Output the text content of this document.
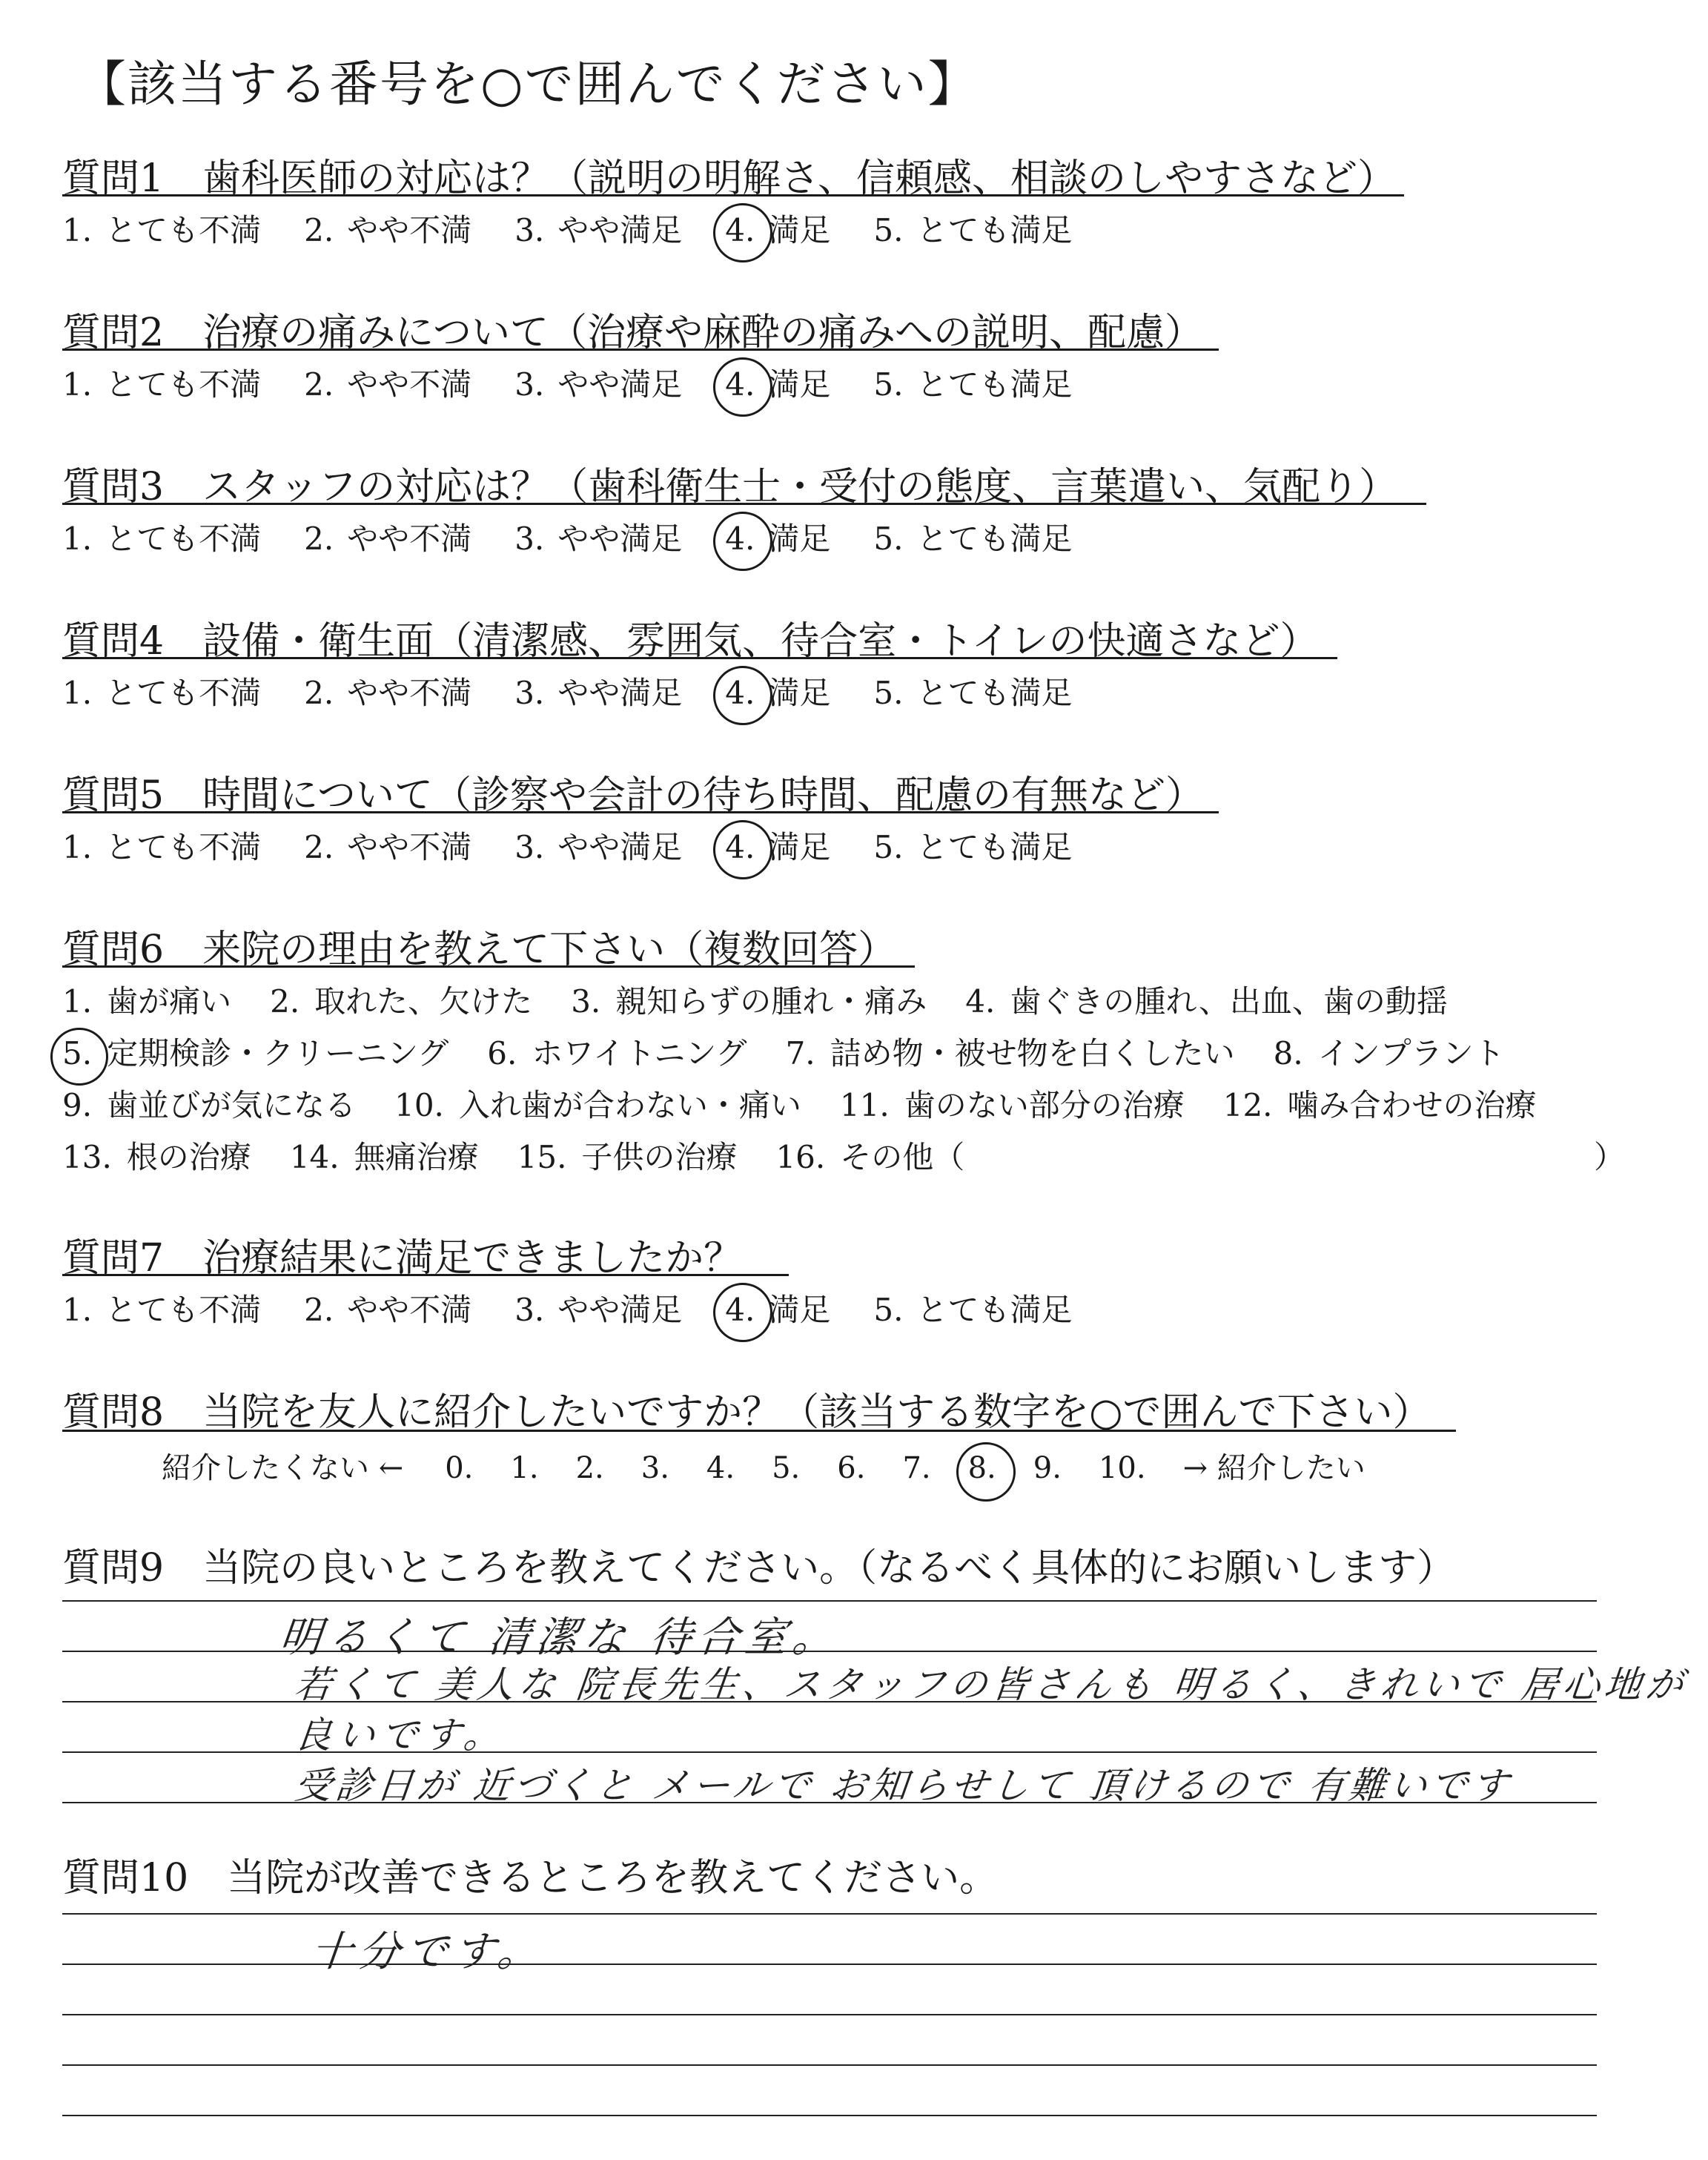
【該当する番号を○で囲んでください】
質問1　歯科医師の対応は？（説明の明解さ、信頼感、相談のしやすさなど）
1. とても不満 2. やや不満 3. やや満足 4. 満足 5. とても満足
質問2　治療の痛みについて（治療や麻酔の痛みへの説明、配慮）
1. とても不満 2. やや不満 3. やや満足 4. 満足 5. とても満足
質問3　スタッフの対応は？（歯科衛生士・受付の態度、言葉遣い、気配り）
1. とても不満 2. やや不満 3. やや満足 4. 満足 5. とても満足
質問4　設備・衛生面（清潔感、雰囲気、待合室・トイレの快適さなど）
1. とても不満 2. やや不満 3. やや満足 4. 満足 5. とても満足
質問5　時間について（診察や会計の待ち時間、配慮の有無など）
1. とても不満 2. やや不満 3. やや満足 4. 満足 5. とても満足
質問7　治療結果に満足できましたか？
1. とても不満 2. やや不満 3. やや満足 4. 満足 5. とても満足
質問6　来院の理由を教えて下さい（複数回答）
1. 歯が痛い 2. 取れた、欠けた 3. 親知らずの腫れ・痛み 4. 歯ぐきの腫れ、出血、歯の動揺
5. 定期検診・クリーニング 6. ホワイトニング 7. 詰め物・被せ物を白くしたい 8. インプラント
9. 歯並びが気になる 10. 入れ歯が合わない・痛い 11. 歯のない部分の治療 12. 噛み合わせの治療
13. 根の治療 14. 無痛治療 15. 子供の治療 16. その他（	）
質問8　当院を友人に紹介したいですか？（該当する数字を○で囲んで下さい）
紹介したくない ← 0. 1. 2. 3. 4. 5. 6. 7. 8. 9. 10. → 紹介したい
質問9　当院の良いところを教えてください。（なるべく具体的にお願いします）
明るくて 清潔な 待合室。
若くて 美人な 院長先生、スタッフの皆さんも 明るく、きれいで 居心地が
良いです。
受診日が 近づくと メールで お知らせして 頂けるので 有難いです
質問10　当院が改善できるところを教えてください。
十分です。
